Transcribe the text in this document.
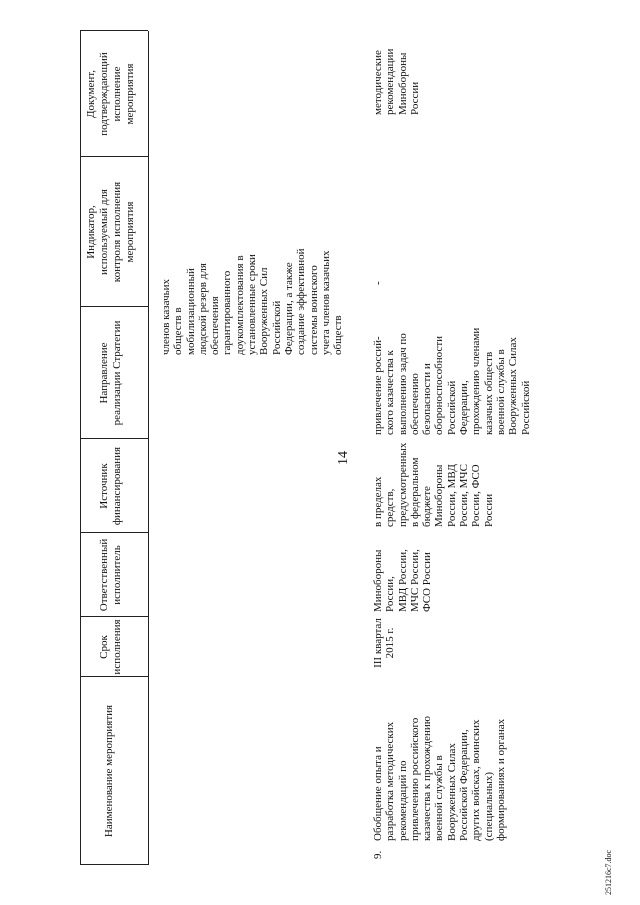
14
Наименование мероприятия
Срок
исполнения
Ответственный
исполнитель
Источник
финансирования
Направление
реализации Стратегии
Индикатор,
используемый для
контроля исполнения
мероприятия
Документ,
подтверждающий
исполнение
мероприятия
членов казачьих
обществ в
мобилизационный
людской резерв для
обеспечения
гарантированного
доукомплектования в
установленные сроки
Вооруженных Сил
Российской
Федерации, а также
создание эффективной
системы воинского
учета членов казачьих
обществ
9.
Обобщение опыта и
разработка методических
рекомендаций по
привлечению российского
казачества к прохождению
военной службы в
Вооруженных Силах
Российской Федерации,
других войсках, воинских
(специальных)
формированиях и органах
III квартал
2015 г.
Минобороны
России,
МВД России,
МЧС России,
ФСО России
в пределах
средств,
предусмотренных
в федеральном
бюджете
Минобороны
России, МВД
России, МЧС
России, ФСО
России
привлечение россий-
ского казачества к
выполнению задач по
обеспечению
безопасности и
обороноспособности
Российской
Федерации,
прохождению членами
казачьих обществ
военной службы в
Вооруженных Силах
Российской
-
методические
рекомендации
Минобороны
России
251216c7.doc
